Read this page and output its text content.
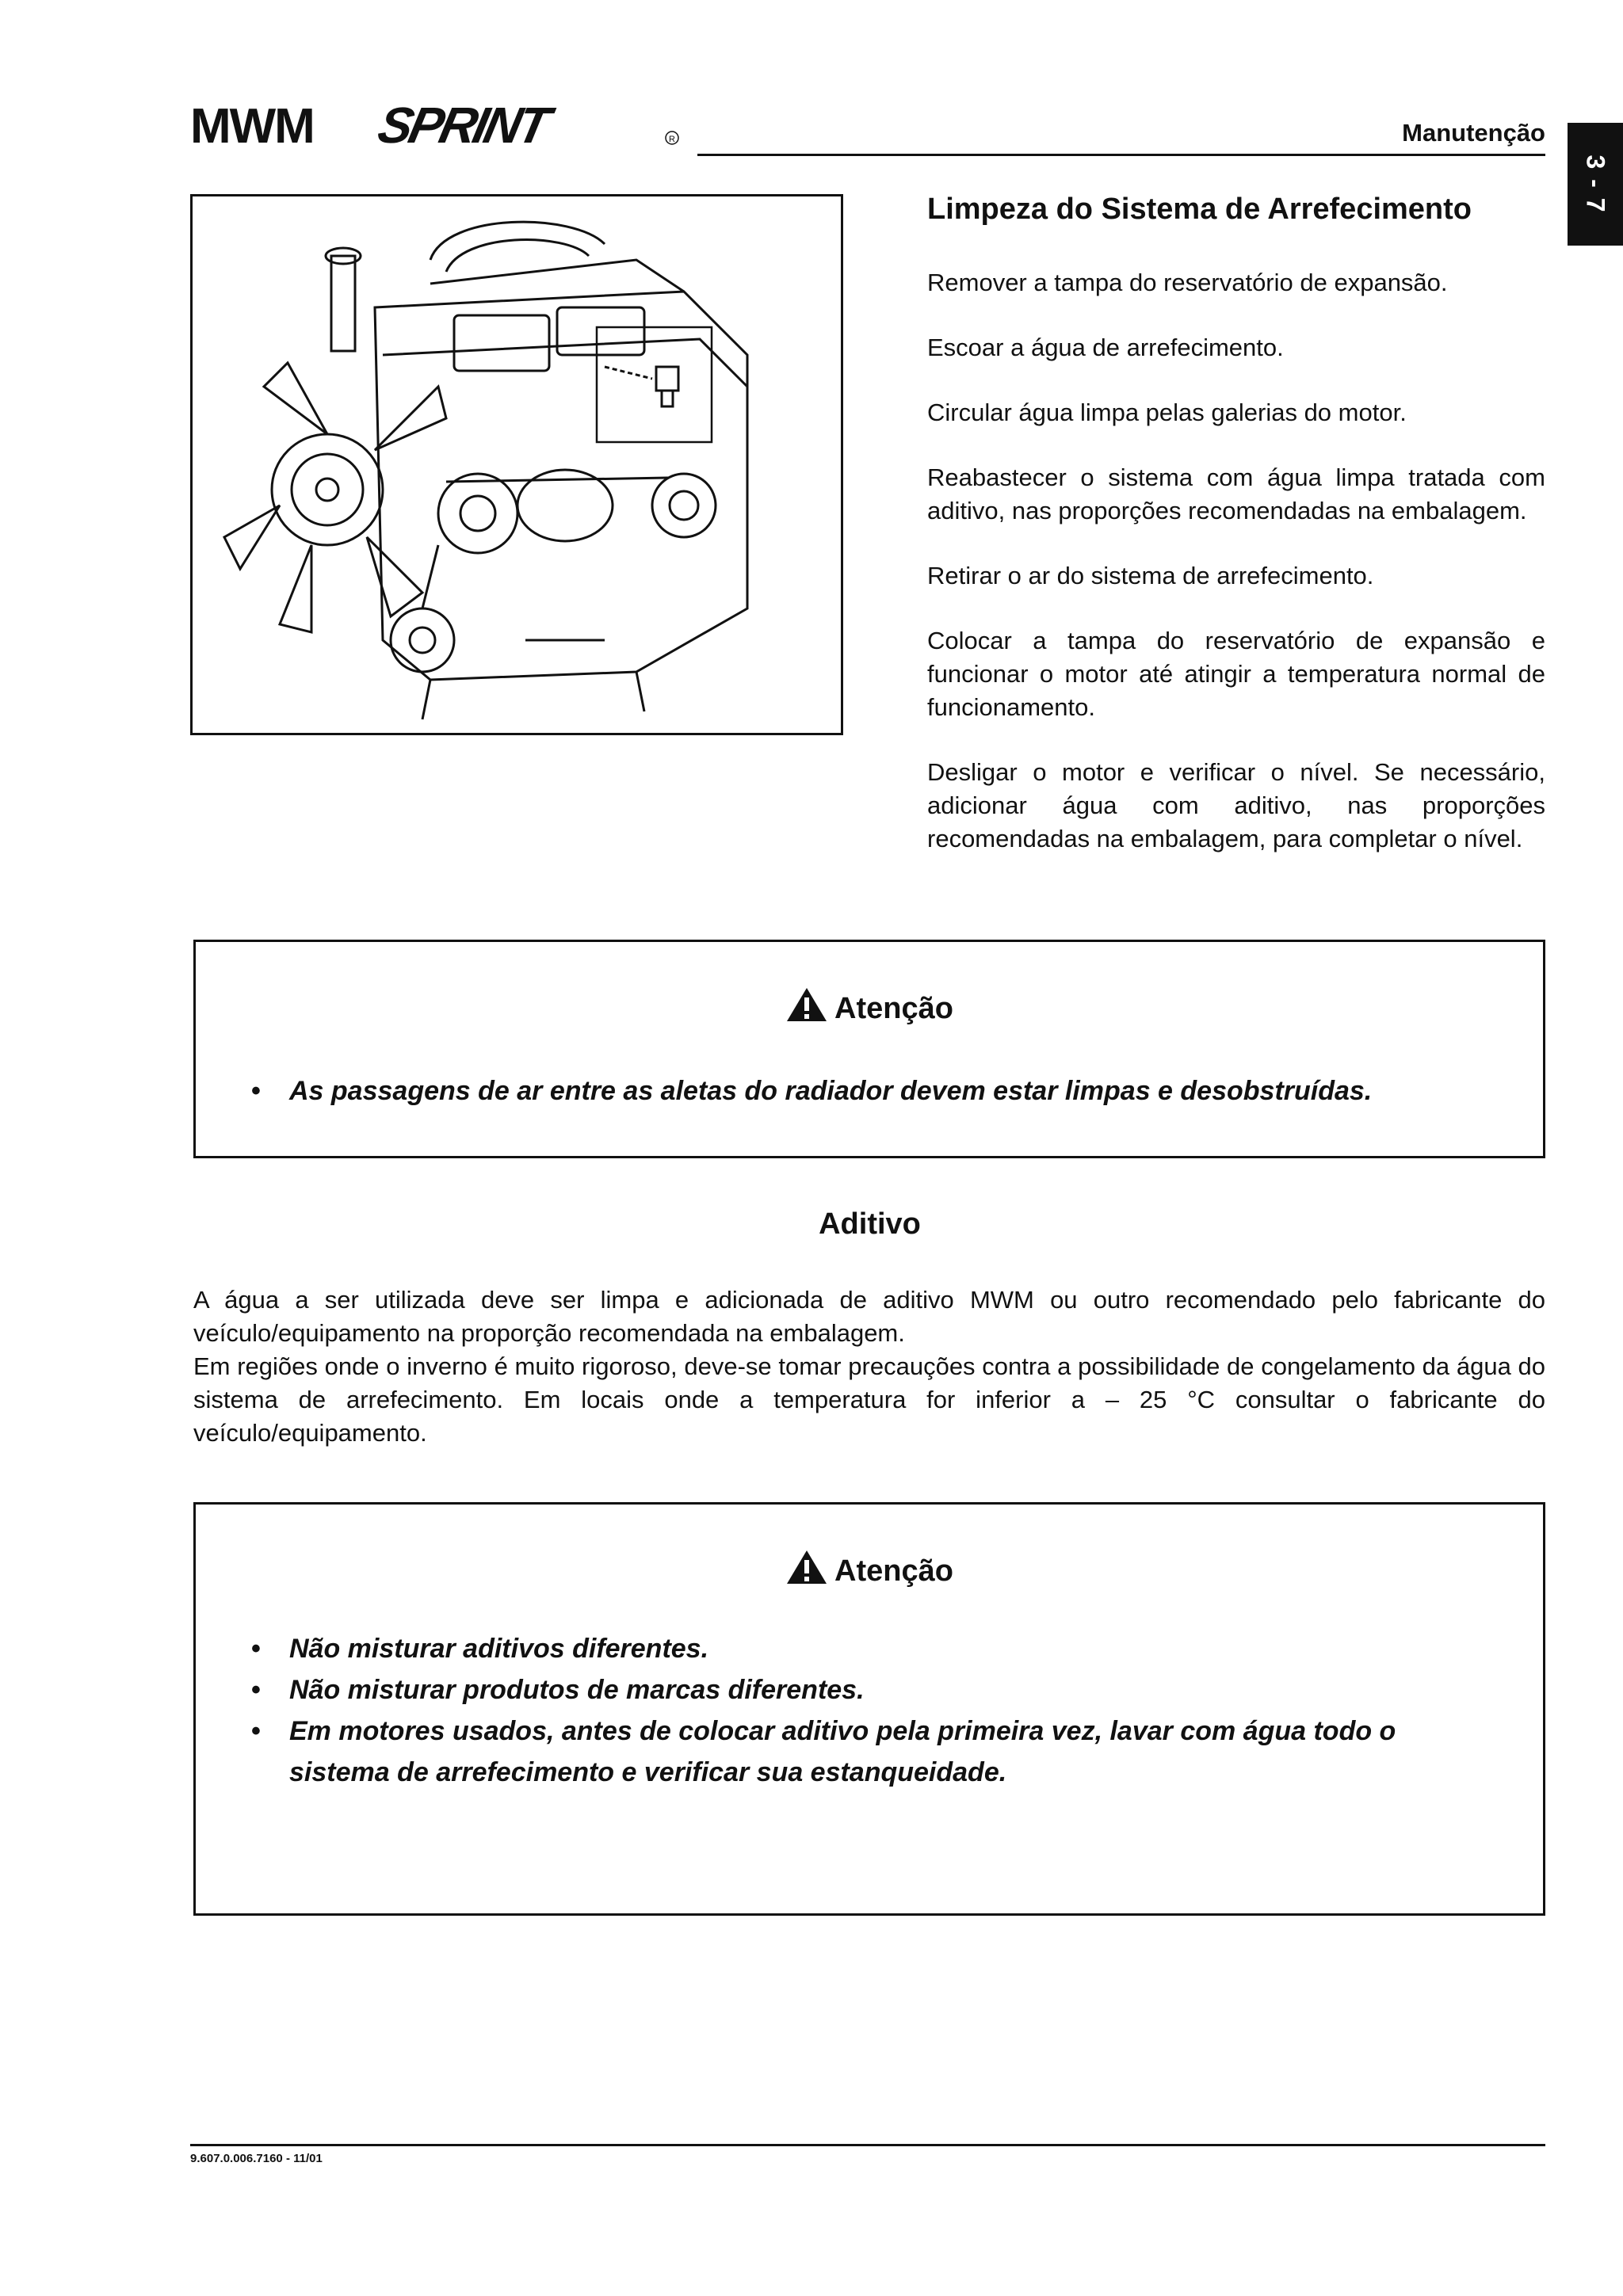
MWM SPRINT	R	Manutenção
3 - 7
Limpeza do Sistema de Arrefecimento

Remover a tampa do reservatório de expansão.

Escoar a água de arrefecimento.

Circular água limpa pelas galerias do motor.

Reabastecer o sistema com água limpa tratada com aditivo, nas proporções recomendadas na embalagem.

Retirar o ar do sistema de arrefecimento.

Colocar a tampa do reservatório de expansão e funcionar o motor até atingir a temperatura normal de funcionamento.

Desligar o motor e verificar o nível. Se necessário, adicionar água com aditivo, nas proporções recomendadas na embalagem, para completar o nível.

Atenção
• As passagens de ar entre as aletas do radiador devem estar limpas e desobstruídas.
Aditivo

A água a ser utilizada deve ser limpa e adicionada de aditivo MWM ou outro recomendado pelo fabricante do veículo/equipamento na proporção recomendada na embalagem.

Em regiões onde o inverno é muito rigoroso, deve-se tomar precauções contra a possibilidade de congelamento da água do sistema de arrefecimento. Em locais onde a temperatura for inferior a – 25 °C consultar o fabricante do veículo/equipamento.

Atenção
• Não misturar aditivos diferentes.
• Não misturar produtos de marcas diferentes.
• Em motores usados, antes de colocar aditivo pela primeira vez, lavar com água todo o sistema de arrefecimento e verificar sua estanqueidade.
9.607.0.006.7160 - 11/01
